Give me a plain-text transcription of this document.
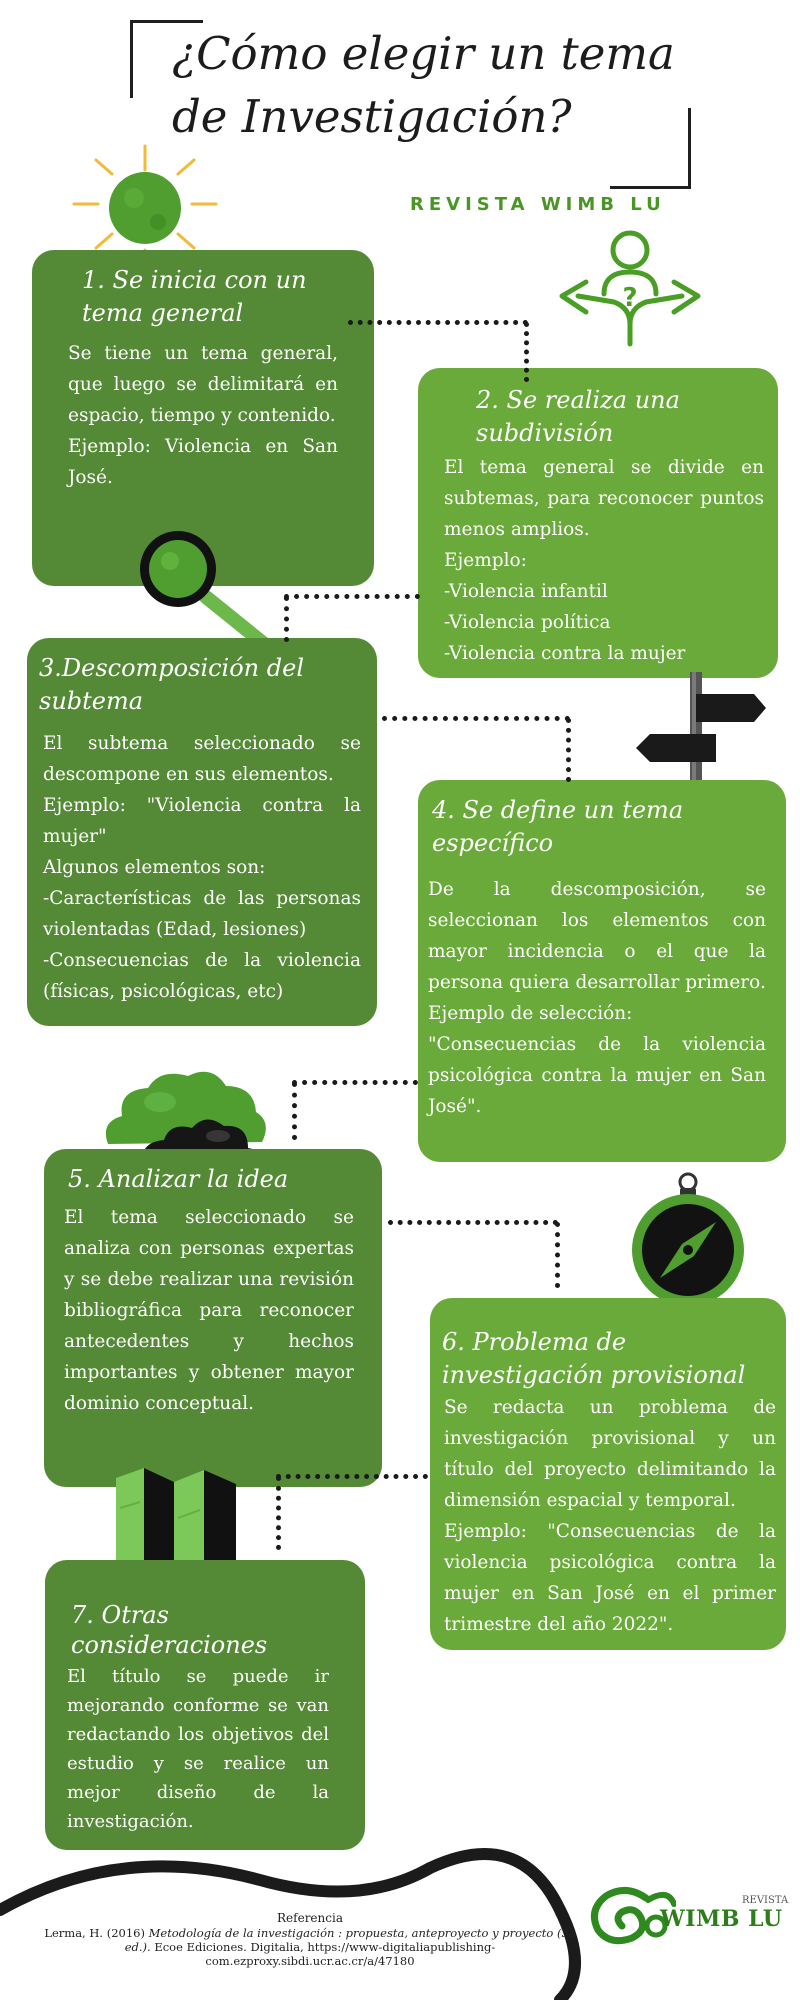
¿Cómo elegir un tema de Investigación?
REVISTA WIMB LU
?
1. Se inicia con un tema general

Se tiene un tema general, que luego se delimitará en espacio, tiempo y contenido.

Ejemplo: Violencia en San José.

2. Se realiza una subdivisión

El tema general se divide en subtemas, para reconocer puntos menos amplios.

Ejemplo:

-Violencia infantil

-Violencia política

-Violencia contra la mujer

3.Descomposición del subtema

El subtema seleccionado se descompone en sus elementos.

Ejemplo: "Violencia contra la mujer"

Algunos elementos son:

-Características de las personas violentadas (Edad, lesiones)

-Consecuencias de la violencia (físicas, psicológicas, etc)

4. Se define un tema específico

De la descomposición, se seleccionan los elementos con mayor incidencia o el que la persona quiera desarrollar primero.

Ejemplo de selección:

"Consecuencias de la violencia psicológica contra la mujer en San José".

5. Analizar la idea

El tema seleccionado se analiza con personas expertas y se debe realizar una revisión bibliográfica para reconocer antecedentes y hechos importantes y obtener mayor dominio conceptual.

6. Problema de investigación provisional

Se redacta un problema de investigación provisional y un título del proyecto delimitando la dimensión espacial y temporal.

Ejemplo: "Consecuencias de la violencia psicológica contra la mujer en San José en el primer trimestre del año 2022".

7. Otras consideraciones

El título se puede ir mejorando conforme se van redactando los objetivos del estudio y se realice un mejor diseño de la investigación.

Referencia
Lerma, H. (2016) Metodología de la investigación : propuesta, anteproyecto y proyecto (5a ed.). Ecoe Ediciones. Digitalia, https://www-digitaliapublishing-com.ezproxy.sibdi.ucr.ac.cr/a/47180
REVISTA
WIMB LU
